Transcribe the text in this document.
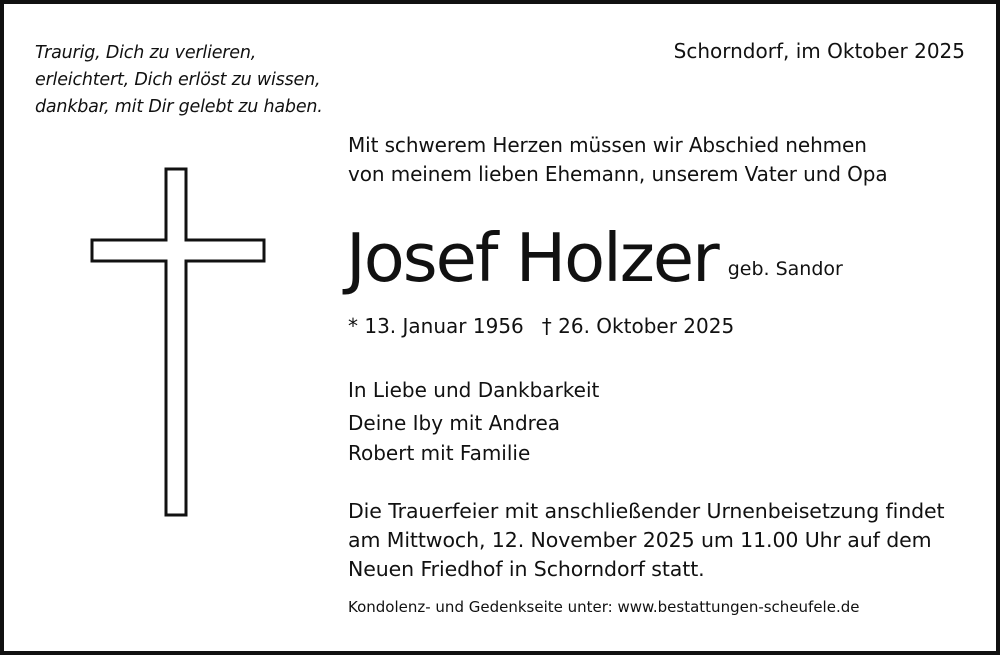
Traurig, Dich zu verlieren,
erleichtert, Dich erlöst zu wissen,
dankbar, mit Dir gelebt zu haben.
Schorndorf, im Oktober 2025
Mit schwerem Herzen müssen wir Abschied nehmen
von meinem lieben Ehemann, unserem Vater und Opa
Josef Holzer geb. Sandor
* 13. Januar 1956 † 26. Oktober 2025
In Liebe und Dankbarkeit
Deine Iby mit Andrea
Robert mit Familie
Die Trauerfeier mit anschließender Urnenbeisetzung findet
am Mittwoch, 12. November 2025 um 11.00 Uhr auf dem
Neuen Friedhof in Schorndorf statt.
Kondolenz- und Gedenkseite unter: www.bestattungen-scheufele.de
